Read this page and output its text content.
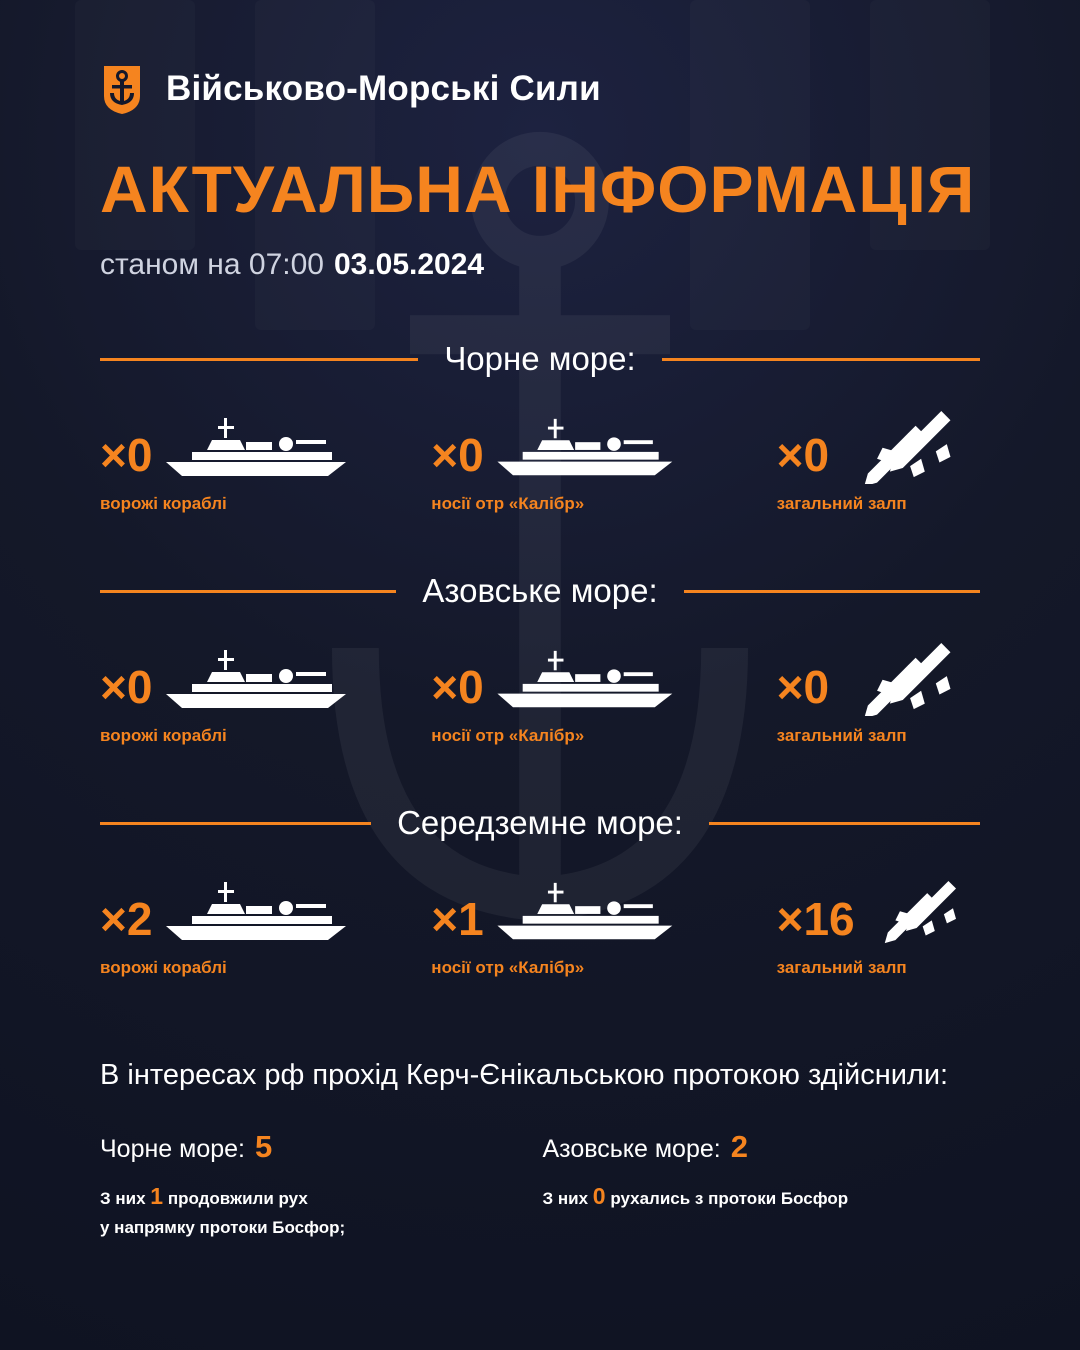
Військово-Морські Сили
АКТУАЛЬНА ІНФОРМАЦІЯ
станом на 07:00 03.05.2024
Чорне море:
×0
ворожі кораблі
×0
носії отр «Калібр»
×0
загальний залп
Азовське море:
×0
ворожі кораблі
×0
носії отр «Калібр»
×0
загальний залп
Середземне море:
×2
ворожі кораблі
×1
носії отр «Калібр»
×16
загальний залп
В інтересах рф прохід Керч-Єнікальською протокою здійснили:
Чорне море: 5
З них 1 продовжили рух
у напрямку протоки Босфор;
Азовське море: 2
З них 0 рухались з протоки Босфор
